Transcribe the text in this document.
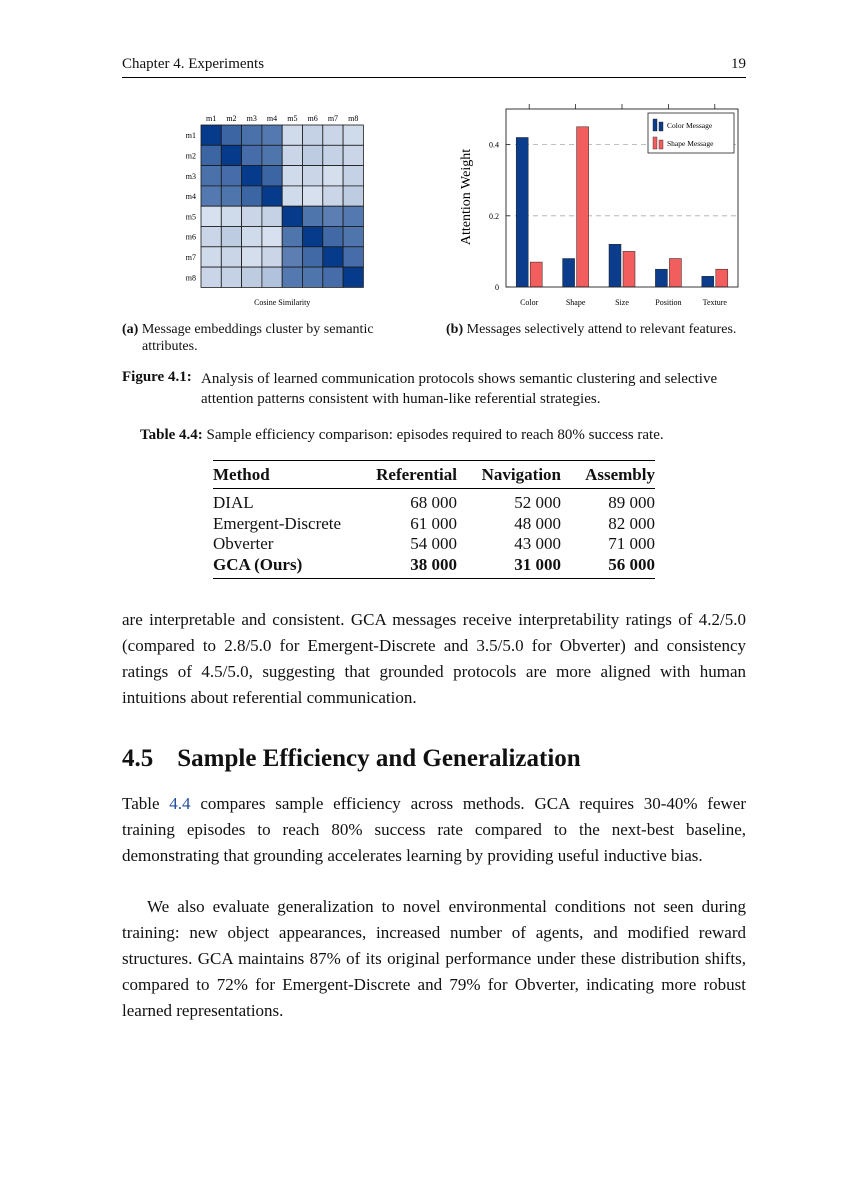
Chapter 4. Experiments	19
m1 m2 m3 m4 m5 m6 m7 m8
m1
m2
m3
m4
m5
m6
m7
m8
Cosine Similarity
0
0.2
0.4
Color	Shape	Size	Position	Texture
Attention Weight
Color Message
Shape Message
(a) Message embeddings cluster by semantic attributes.
(b) Messages selectively attend to relevant features.
Figure 4.1: Analysis of learned communication protocols shows semantic clustering and selective attention patterns consistent with human-like referential strategies.
Table 4.4: Sample efficiency comparison: episodes required to reach 80% success rate.
Method	Referential	Navigation	Assembly
DIAL	68 000	52 000	89 000
Emergent-Discrete	61 000	48 000	82 000
Obverter	54 000	43 000	71 000
GCA (Ours)	38 000	31 000	56 000
are interpretable and consistent. GCA messages receive interpretability ratings of 4.2/5.0 (compared to 2.8/5.0 for Emergent-Discrete and 3.5/5.0 for Obverter) and consistency ratings of 4.5/5.0, suggesting that grounded protocols are more aligned with human intuitions about referential communication.
4.5 Sample Efficiency and Generalization
Table 4.4 compares sample efficiency across methods. GCA requires 30-40% fewer training episodes to reach 80% success rate compared to the next-best baseline, demonstrating that grounding accelerates learning by providing useful inductive bias.
We also evaluate generalization to novel environmental conditions not seen during training: new object appearances, increased number of agents, and modified reward structures. GCA maintains 87% of its original performance under these distribution shifts, compared to 72% for Emergent-Discrete and 79% for Obverter, indicating more robust learned representations.
